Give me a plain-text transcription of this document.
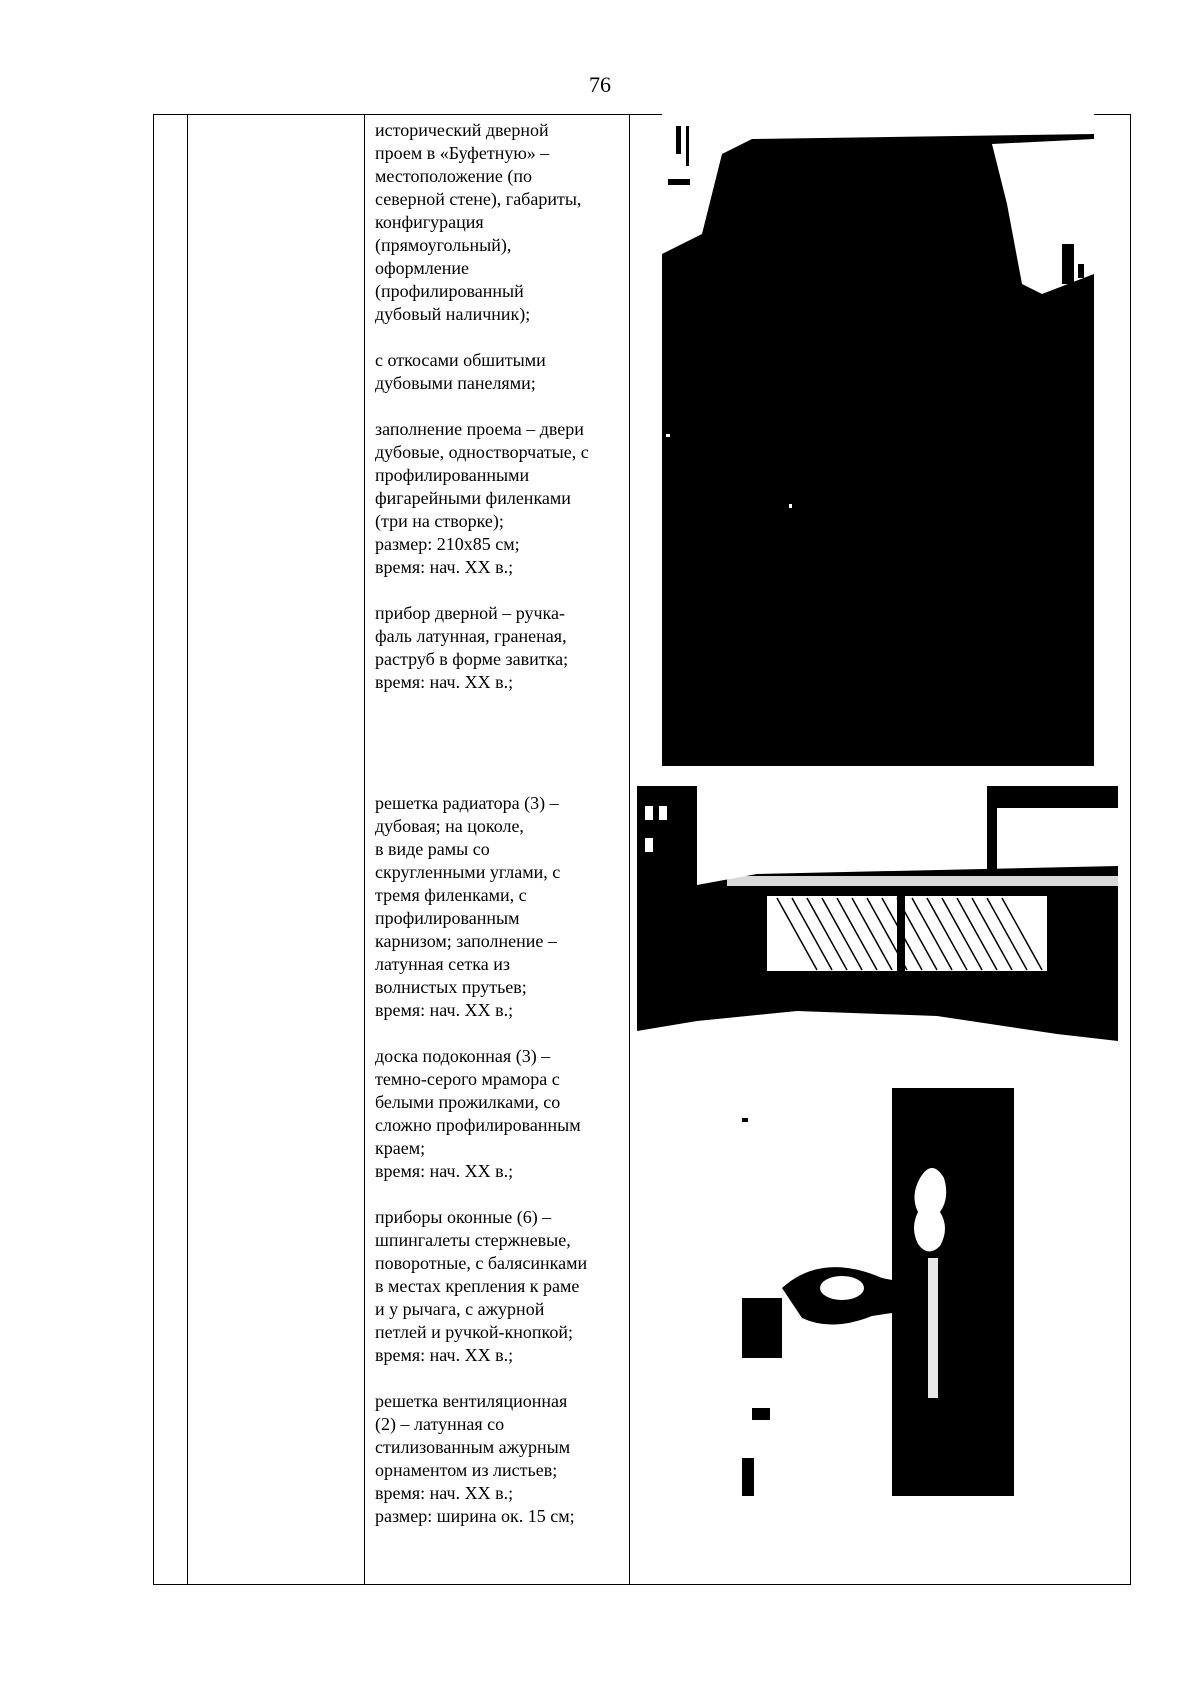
76

исторический дверной
проем в «Буфетную» –
местоположение (по
северной стене), габариты,
конфигурация
(прямоугольный),
оформление
(профилированный
дубовый наличник);

с откосами обшитыми
дубовыми панелями;

заполнение проема – двери
дубовые, одностворчатые, с
профилированными
фигарейными филенками
(три на створке);
размер: 210х85 см;
время: нач. XX в.;

прибор дверной – ручка-
фаль латунная, граненая,
раструб в форме завитка;
время: нач. XX в.;

решетка радиатора (3) –
дубовая; на цоколе,
в виде рамы со
скругленными углами, с
тремя филенками, с
профилированным
карнизом; заполнение –
латунная сетка из
волнистых прутьев;
время: нач. XX в.;

доска подоконная (3) –
темно-серого мрамора с
белыми прожилками, со
сложно профилированным
краем;
время: нач. XX в.;

приборы оконные (6) –
шпингалеты стержневые,
поворотные, с балясинками
в местах крепления к раме
и у рычага, с ажурной
петлей и ручкой-кнопкой;
время: нач. XX в.;

решетка вентиляционная
(2) – латунная со
стилизованным ажурным
орнаментом из листьев;
время: нач. XX в.;
размер: ширина ок. 15 см;
